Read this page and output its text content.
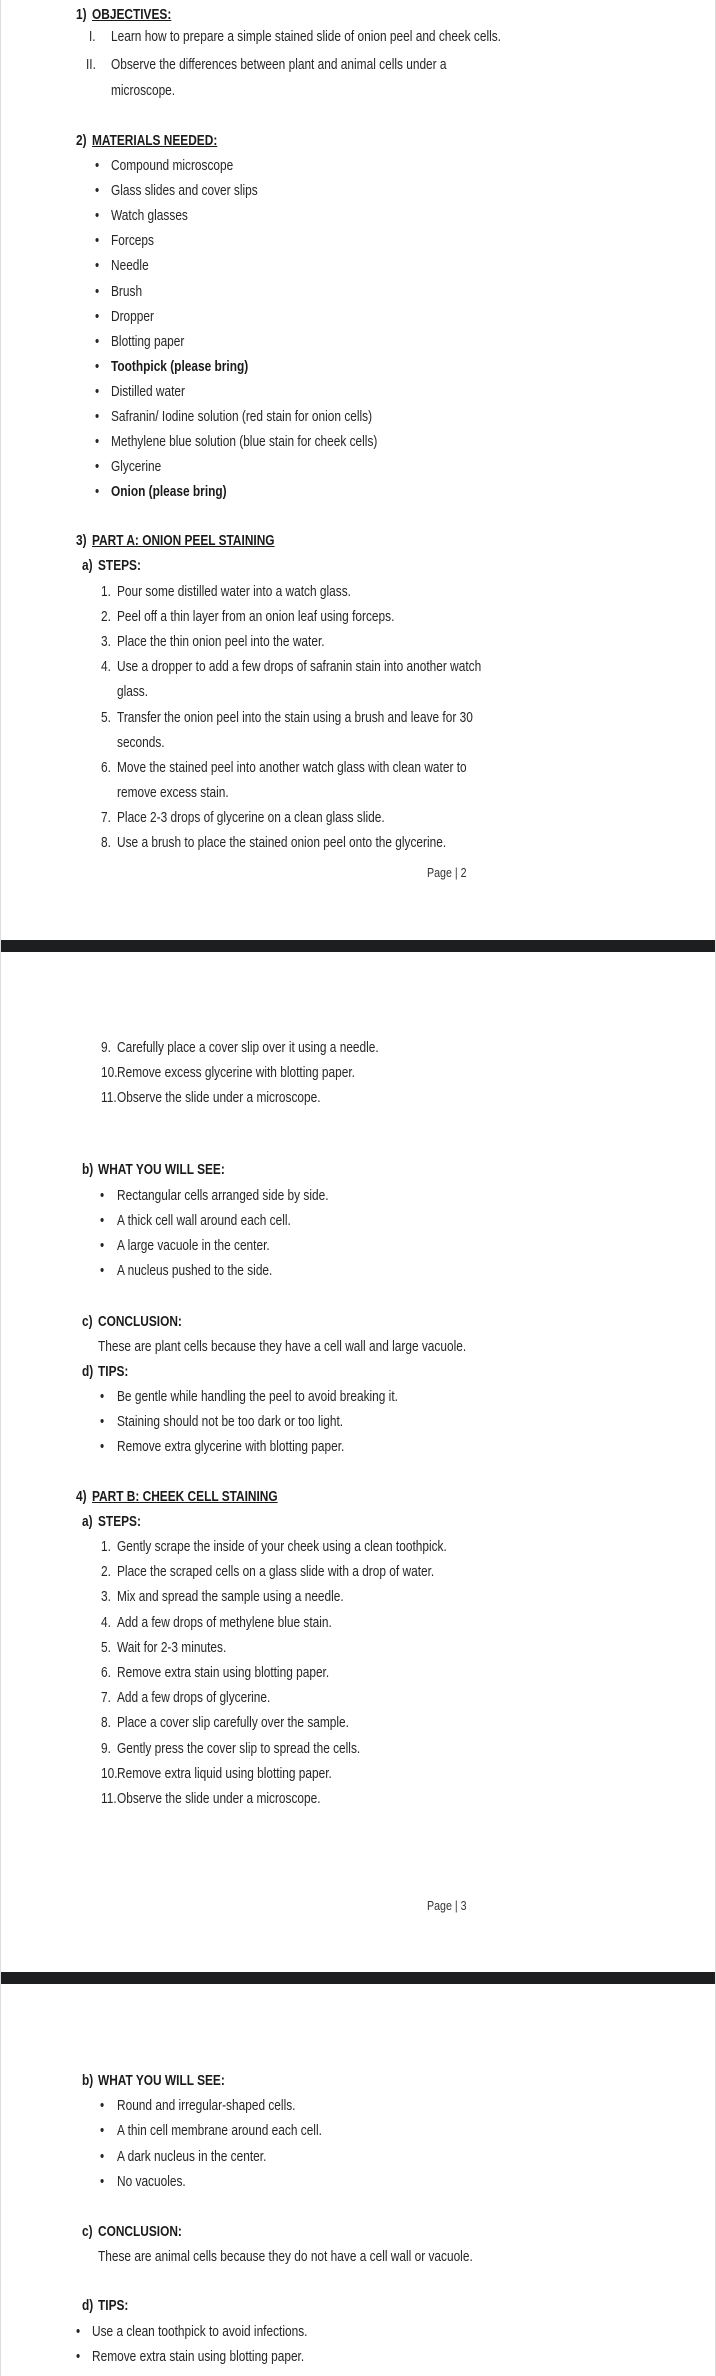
1) OBJECTIVES:
I. Learn how to prepare a simple stained slide of onion peel and cheek cells.
II. Observe the differences between plant and animal cells under a
microscope.
2) MATERIALS NEEDED:
• Compound microscope
• Glass slides and cover slips
• Watch glasses
• Forceps
• Needle
• Brush
• Dropper
• Blotting paper
• Toothpick (please bring)
• Distilled water
• Safranin/ Iodine solution (red stain for onion cells)
• Methylene blue solution (blue stain for cheek cells)
• Glycerine
• Onion (please bring)
3) PART A: ONION PEEL STAINING
a) STEPS:
1. Pour some distilled water into a watch glass.
2. Peel off a thin layer from an onion leaf using forceps.
3. Place the thin onion peel into the water.
4. Use a dropper to add a few drops of safranin stain into another watch
glass.
5. Transfer the onion peel into the stain using a brush and leave for 30
seconds.
6. Move the stained peel into another watch glass with clean water to
remove excess stain.
7. Place 2-3 drops of glycerine on a clean glass slide.
8. Use a brush to place the stained onion peel onto the glycerine.
Page | 2
9. Carefully place a cover slip over it using a needle.
10. Remove excess glycerine with blotting paper.
11. Observe the slide under a microscope.
b) WHAT YOU WILL SEE:
• Rectangular cells arranged side by side.
• A thick cell wall around each cell.
• A large vacuole in the center.
• A nucleus pushed to the side.
c) CONCLUSION:
These are plant cells because they have a cell wall and large vacuole.
d) TIPS:
• Be gentle while handling the peel to avoid breaking it.
• Staining should not be too dark or too light.
• Remove extra glycerine with blotting paper.
4) PART B: CHEEK CELL STAINING
a) STEPS:
1. Gently scrape the inside of your cheek using a clean toothpick.
2. Place the scraped cells on a glass slide with a drop of water.
3. Mix and spread the sample using a needle.
4. Add a few drops of methylene blue stain.
5. Wait for 2-3 minutes.
6. Remove extra stain using blotting paper.
7. Add a few drops of glycerine.
8. Place a cover slip carefully over the sample.
9. Gently press the cover slip to spread the cells.
10. Remove extra liquid using blotting paper.
11. Observe the slide under a microscope.
Page | 3
b) WHAT YOU WILL SEE:
• Round and irregular-shaped cells.
• A thin cell membrane around each cell.
• A dark nucleus in the center.
• No vacuoles.
c) CONCLUSION:
These are animal cells because they do not have a cell wall or vacuole.
d) TIPS:
• Use a clean toothpick to avoid infections.
• Remove extra stain using blotting paper.
